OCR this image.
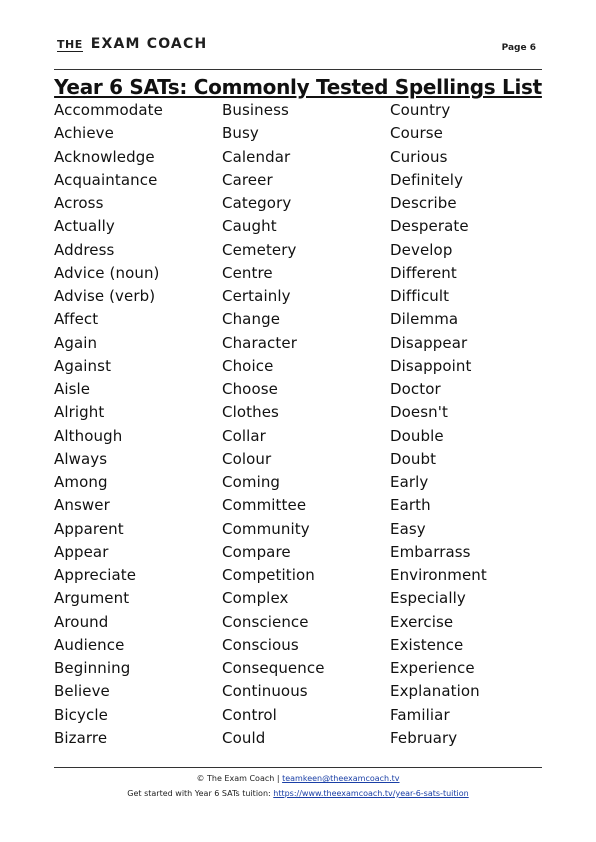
THE EXAM COACH	Page 6
Year 6 SATs: Commonly Tested Spellings List
Accommodate
Achieve
Acknowledge
Acquaintance
Across
Actually
Address
Advice (noun)
Advise (verb)
Affect
Again
Against
Aisle
Alright
Although
Always
Among
Answer
Apparent
Appear
Appreciate
Argument
Around
Audience
Beginning
Believe
Bicycle
Bizarre
Business
Busy
Calendar
Career
Category
Caught
Cemetery
Centre
Certainly
Change
Character
Choice
Choose
Clothes
Collar
Colour
Coming
Committee
Community
Compare
Competition
Complex
Conscience
Conscious
Consequence
Continuous
Control
Could
Country
Course
Curious
Definitely
Describe
Desperate
Develop
Different
Difficult
Dilemma
Disappear
Disappoint
Doctor
Doesn't
Double
Doubt
Early
Earth
Easy
Embarrass
Environment
Especially
Exercise
Existence
Experience
Explanation
Familiar
February
© The Exam Coach | teamkeen@theexamcoach.tv
Get started with Year 6 SATs tuition: https://www.theexamcoach.tv/year-6-sats-tuition
